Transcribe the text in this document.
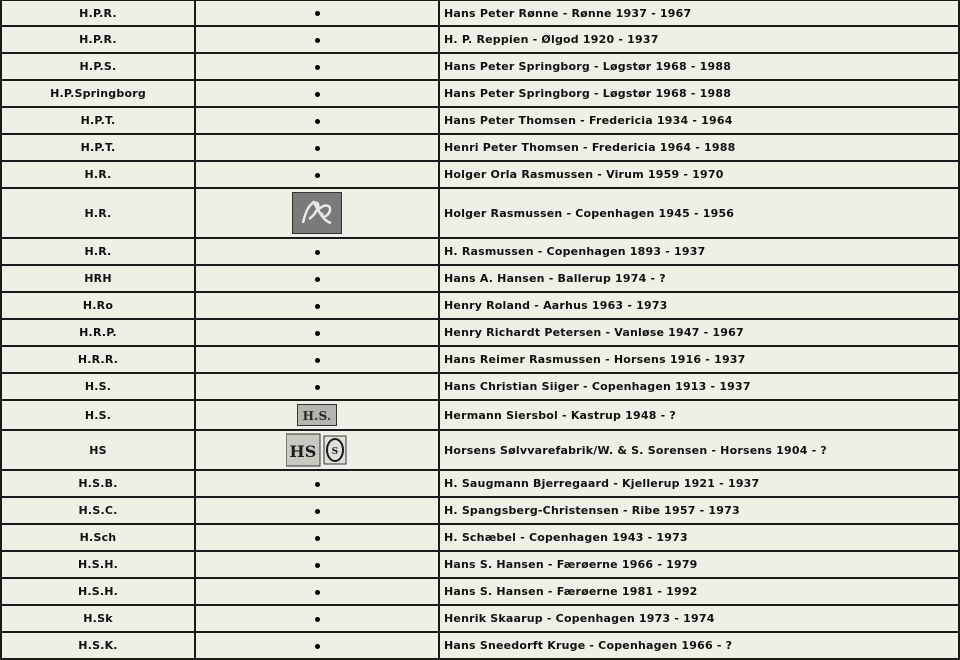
H.P.R.		Hans Peter Rønne - Rønne 1937 - 1967
H.P.R.		H. P. Reppien - Ølgod 1920 - 1937
H.P.S.		Hans Peter Springborg - Løgstør 1968 - 1988
H.P.Springborg		Hans Peter Springborg - Løgstør 1968 - 1988
H.P.T.		Hans Peter Thomsen - Fredericia 1934 - 1964
H.P.T.		Henri Peter Thomsen - Fredericia 1964 - 1988
H.R.		Holger Orla Rasmussen - Virum 1959 - 1970
H.R.		Holger Rasmussen - Copenhagen 1945 - 1956
H.R.		H. Rasmussen - Copenhagen 1893 - 1937
HRH		Hans A. Hansen - Ballerup 1974 - ?
H.Ro		Henry Roland - Aarhus 1963 - 1973
H.R.P.		Henry Richardt Petersen - Vanløse 1947 - 1967
H.R.R.		Hans Reimer Rasmussen - Horsens 1916 - 1937
H.S.		Hans Christian Siiger - Copenhagen 1913 - 1937
H.S.	H.S.	Hermann Siersbol - Kastrup 1948 - ?
HS	HS S	Horsens Sølvvarefabrik/W. & S. Sorensen - Horsens 1904 - ?
H.S.B.		H. Saugmann Bjerregaard - Kjellerup 1921 - 1937
H.S.C.		H. Spangsberg-Christensen - Ribe 1957 - 1973
H.Sch		H. Schæbel - Copenhagen 1943 - 1973
H.S.H.		Hans S. Hansen - Færøerne 1966 - 1979
H.S.H.		Hans S. Hansen - Færøerne 1981 - 1992
H.Sk		Henrik Skaarup - Copenhagen 1973 - 1974
H.S.K.		Hans Sneedorft Kruge - Copenhagen 1966 - ?
